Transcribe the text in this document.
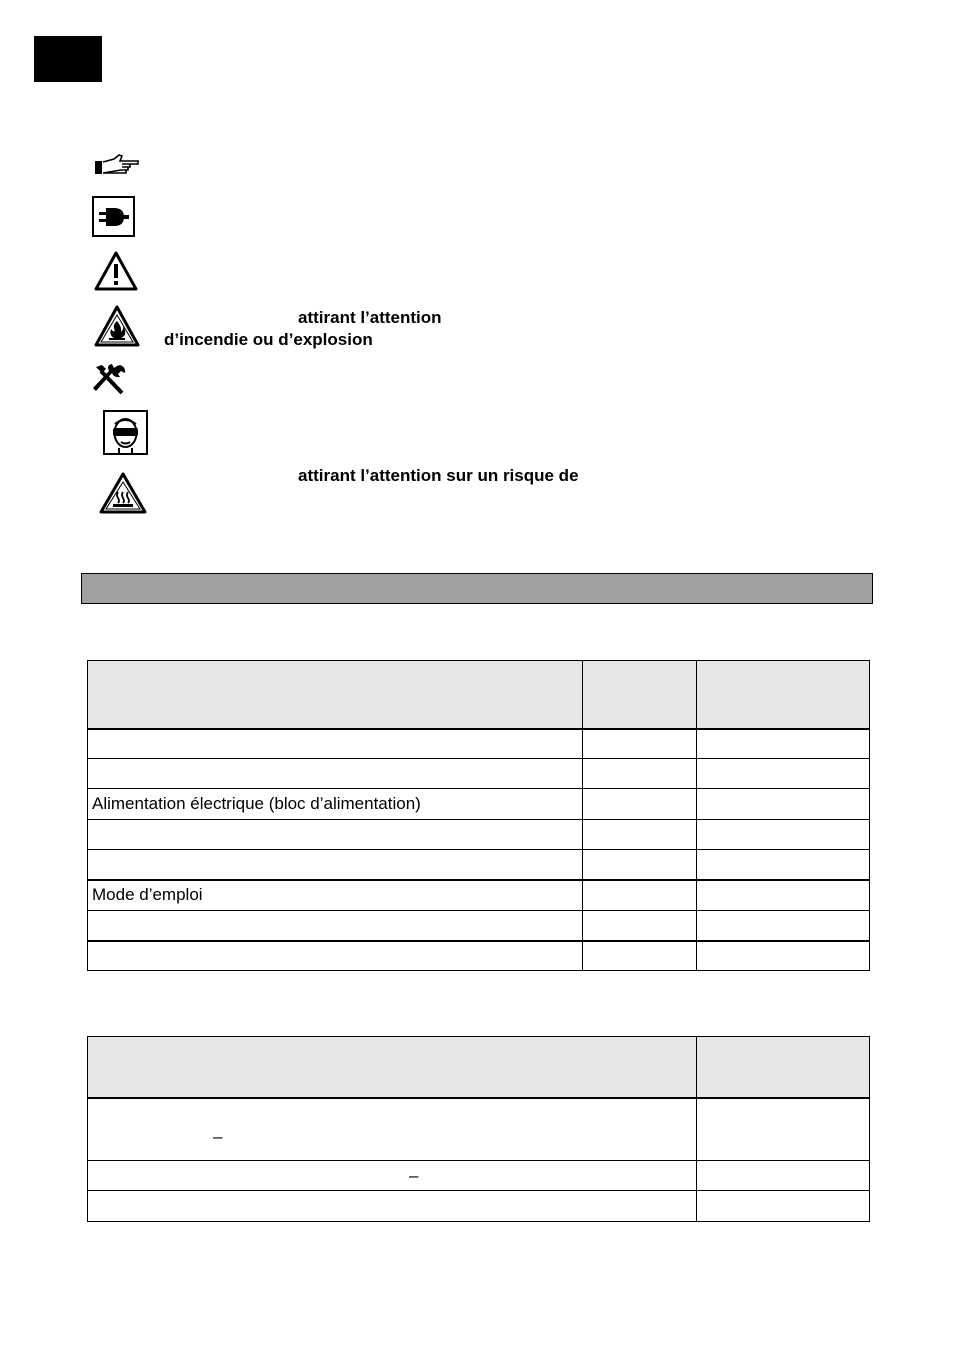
attirant l’attention
d’incendie ou d’explosion
attirant l’attention sur un risque de

Alimentation électrique (bloc d’alimentation)		

Mode d’emploi		

–	
–	
